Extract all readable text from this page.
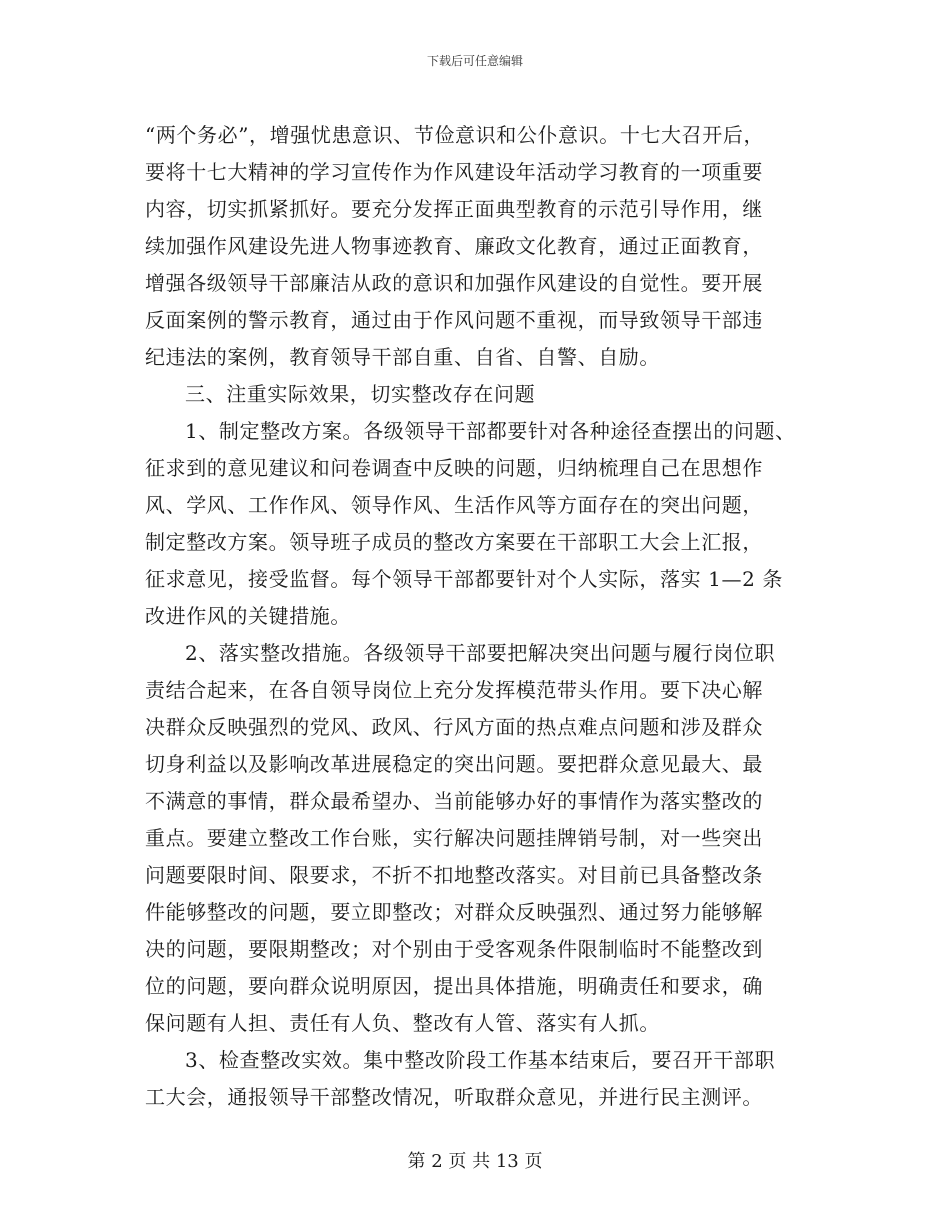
下载后可任意编辑
“两个务必”，增强忧患意识、节俭意识和公仆意识。十七大召开后，
要将十七大精神的学习宣传作为作风建设年活动学习教育的一项重要
内容，切实抓紧抓好。要充分发挥正面典型教育的示范引导作用，继
续加强作风建设先进人物事迹教育、廉政文化教育，通过正面教育，
增强各级领导干部廉洁从政的意识和加强作风建设的自觉性。要开展
反面案例的警示教育，通过由于作风问题不重视，而导致领导干部违
纪违法的案例，教育领导干部自重、自省、自警、自励。
三、注重实际效果，切实整改存在问题
1、制定整改方案。各级领导干部都要针对各种途径查摆出的问题、
征求到的意见建议和问卷调查中反映的问题，归纳梳理自己在思想作
风、学风、工作作风、领导作风、生活作风等方面存在的突出问题，
制定整改方案。领导班子成员的整改方案要在干部职工大会上汇报，
征求意见，接受监督。每个领导干部都要针对个人实际，落实 1—2 条
改进作风的关键措施。
2、落实整改措施。各级领导干部要把解决突出问题与履行岗位职
责结合起来，在各自领导岗位上充分发挥模范带头作用。要下决心解
决群众反映强烈的党风、政风、行风方面的热点难点问题和涉及群众
切身利益以及影响改革进展稳定的突出问题。要把群众意见最大、最
不满意的事情，群众最希望办、当前能够办好的事情作为落实整改的
重点。要建立整改工作台账，实行解决问题挂牌销号制，对一些突出
问题要限时间、限要求，不折不扣地整改落实。对目前已具备整改条
件能够整改的问题，要立即整改；对群众反映强烈、通过努力能够解
决的问题，要限期整改；对个别由于受客观条件限制临时不能整改到
位的问题，要向群众说明原因，提出具体措施，明确责任和要求，确
保问题有人担、责任有人负、整改有人管、落实有人抓。
3、检查整改实效。集中整改阶段工作基本结束后，要召开干部职
工大会，通报领导干部整改情况，听取群众意见，并进行民主测评。
第 2 页 共 13 页
